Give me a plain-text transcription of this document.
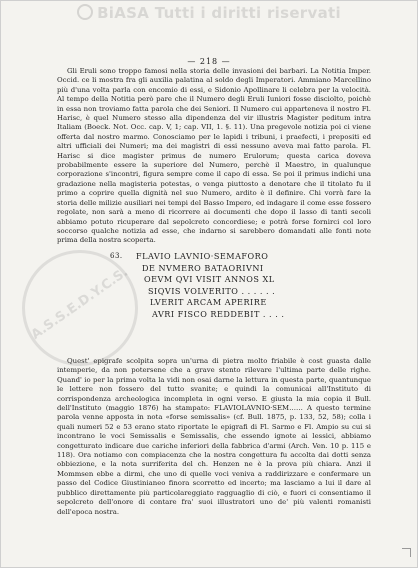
BiASA Tutti i diritti riservati
A.S.S.E.D.Y.C.S.
— 218 —

Gli Eruli sono troppo famosi nella storia delle invasioni dei barbari. La Notitia Imper. Occid. ce li mostra fra gli auxilia palatina al soldo degli Imperatori. Ammiano Marcellino più d'una volta parla con encomio di essi, e Sidonio Apollinare li celebra per la velocità. Al tempo della Notitia però pare che il Numero degli Eruli Iuniori fosse disciolto, poichè in essa non troviamo fatta parola che dei Seniori. Il Numero cui apparteneva il nostro Fl. Harisc, è quel Numero stesso alla dipendenza del vir illustris Magister peditum intra Italiam (Boeck. Not. Occ. cap. V, 1; cap. VII, 1. §. 11). Una pregevole notizia poi ci viene offerta dal nostro marmo. Conosciamo per le lapidi i tribuni, i praefecti, i prepositi ed altri ufficiali dei Numeri; ma dei magistri di essi nessuno aveva mai fatto parola. Fl. Harisc si dice magister primus de numero Erulorum; questa carica doveva probabilmente essere la superiore del Numero, perchè il Maestro, in qualunque corporazione s'incontri, figura sempre come il capo di essa. Se poi il primus indichi una gradazione nella magisteria potestas, o venga piuttosto a denotare che il titolato fu il primo a coprire quella dignità nel suo Numero, ardito è il definire. Chi vorrà fare la storia delle milizie ausiliari nei tempi del Basso Impero, ed indagare il come esse fossero regolate, non sarà a meno di ricorrere ai documenti che dopo il lasso di tanti secoli abbiamo potuto ricuperare dal sepolcreto concordiese; e potrà forse fornirci col loro soccorso qualche notizia ad esse, che indarno si sarebbero domandati alle fonti note prima della nostra scoperta.

63. FLAVIO LAVNIO·SEMAFORO
DE NVMERO BATAORIVNI
OEVM QVI VISIT ANNOS XL
SIQVIS VOLVERITO . . . . . .
LVERIT ARCAM APERIRE
AVRI FISCO REDDEBIT . . . .

Quest' epigrafe scolpita sopra un'urna di pietra molto friabile è cost guasta dalle intemperie, da non potersene che a grave stento rilevare l'ultima parte delle righe. Quand' io per la prima volta la vidi non osai darne la lettura in questa parte, quantunque le lettere non fossero del tutto svanite; e quindi la comunicai all'Instituto di corrispondenza archeologica incompleta in ogni verso. E giusta la mia copia il Bull. dell'Instituto (maggio 1876) ha stampato: FLAVIOLAVNIO·SEM…… A questo termine parola venne apposta in nota «forse semissalis» (cf. Bull. 1875, p. 133, 52, 58); colla i quali numeri 52 e 53 erano stato riportate le epigrafi di Fl. Sarmo e Fl. Ampio su cui si incontrano le voci Semissalis e Semissalis, che essendo ignote ai lessici, abbiamo congetturato indicare due cariche inferiori della fabbrica d'armi (Arch. Ven. 10 p. 115 e 118). Ora notiamo con compiacenza che la nostra congettura fu accolta dai dotti senza obbiezione, e la nota surriferita del ch. Henzen ne è la prova più chiara. Anzi il Mommsen ebbe a dirmi, che uno di quelle voci veniva a raddirizzare e confermare un passo del Codice Giustinianeo finora scorretto ed incerto; ma lasciamo a lui il dare al pubblico direttamente più particolareggiato ragguaglio di ciò, e fuori ci consentiamo il sepolcreto dell'onore di contare fra' suoi illustratori uno de' più valenti romanisti dell'epoca nostra.
